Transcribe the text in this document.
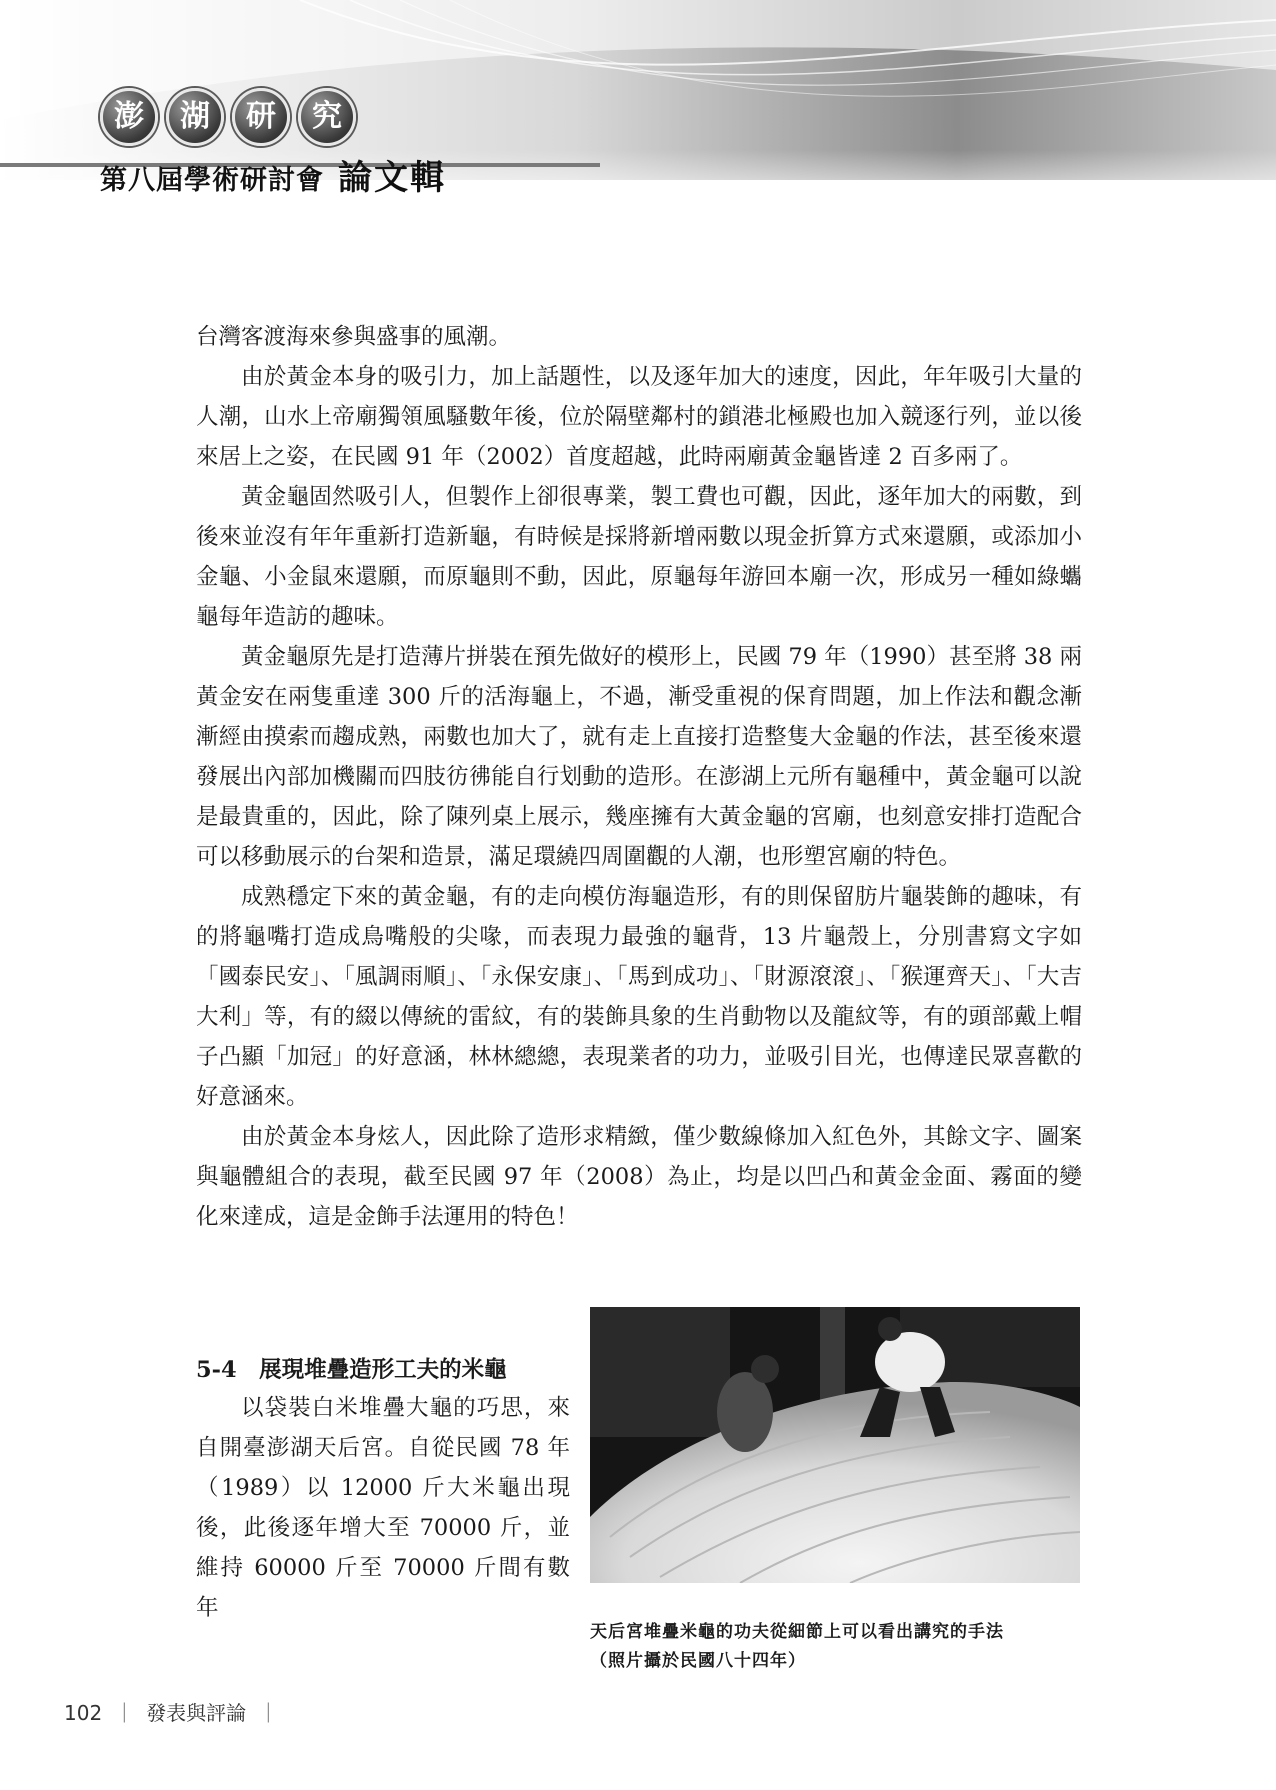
澎	湖	研	究
第八屆學術研討會 論文輯

台灣客渡海來參與盛事的風潮。

由於黃金本身的吸引力，加上話題性，以及逐年加大的速度，因此，年年吸引大量的人潮，山水上帝廟獨領風騷數年後，位於隔壁鄰村的鎖港北極殿也加入競逐行列，並以後來居上之姿，在民國 91 年（2002）首度超越，此時兩廟黃金龜皆達 2 百多兩了。

黃金龜固然吸引人，但製作上卻很專業，製工費也可觀，因此，逐年加大的兩數，到後來並沒有年年重新打造新龜，有時候是採將新增兩數以現金折算方式來還願，或添加小金龜、小金鼠來還願，而原龜則不動，因此，原龜每年游回本廟一次，形成另一種如綠蠵龜每年造訪的趣味。

黃金龜原先是打造薄片拼裝在預先做好的模形上，民國 79 年（1990）甚至將 38 兩黃金安在兩隻重達 300 斤的活海龜上，不過，漸受重視的保育問題，加上作法和觀念漸漸經由摸索而趨成熟，兩數也加大了，就有走上直接打造整隻大金龜的作法，甚至後來還發展出內部加機關而四肢彷彿能自行划動的造形。在澎湖上元所有龜種中，黃金龜可以說是最貴重的，因此，除了陳列桌上展示，幾座擁有大黃金龜的宮廟，也刻意安排打造配合可以移動展示的台架和造景，滿足環繞四周圍觀的人潮，也形塑宮廟的特色。

成熟穩定下來的黃金龜，有的走向模仿海龜造形，有的則保留肪片龜裝飾的趣味，有的將龜嘴打造成鳥嘴般的尖喙，而表現力最強的龜背，13 片龜殼上，分別書寫文字如「國泰民安」、「風調雨順」、「永保安康」、「馬到成功」、「財源滾滾」、「猴運齊天」、「大吉大利」等，有的綴以傳統的雷紋，有的裝飾具象的生肖動物以及龍紋等，有的頭部戴上帽子凸顯「加冠」的好意涵，林林總總，表現業者的功力，並吸引目光，也傳達民眾喜歡的好意涵來。

由於黃金本身炫人，因此除了造形求精緻，僅少數線條加入紅色外，其餘文字、圖案與龜體組合的表現，截至民國 97 年（2008）為止，均是以凹凸和黃金金面、霧面的變化來達成，這是金飾手法運用的特色！

5-4　展現堆疊造形工夫的米龜

以袋裝白米堆疊大龜的巧思，來自開臺澎湖天后宮。自從民國 78 年（1989）以 12000 斤大米龜出現後，此後逐年增大至 70000 斤，並維持 60000 斤至 70000 斤間有數年

天后宮堆疊米龜的功夫從細節上可以看出講究的手法
（照片攝於民國八十四年）
102 ｜ 發表與評論 ｜
